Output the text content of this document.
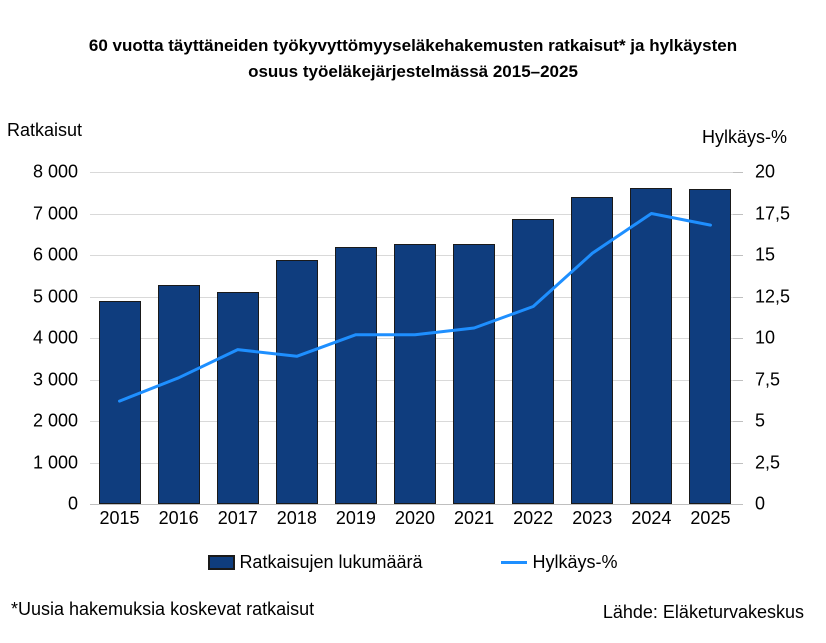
60 vuotta täyttäneiden työkyvyttömyyseläkehakemusten ratkaisut* ja hylkäysten
osuus työeläkejärjestelmässä 2015–2025
Ratkaisut	Hylkäys-%
8 000
7 000
6 000
5 000
4 000
3 000
2 000
1 000
0
20
17,5
15
12,5
10
7,5
5
2,5
0
2015	2016	2017	2018	2019	2020	2021	2022	2023	2024	2025
Ratkaisujen lukumäärä	Hylkäys-%
*Uusia hakemuksia koskevat ratkaisut	Lähde: Eläketurvakeskus
